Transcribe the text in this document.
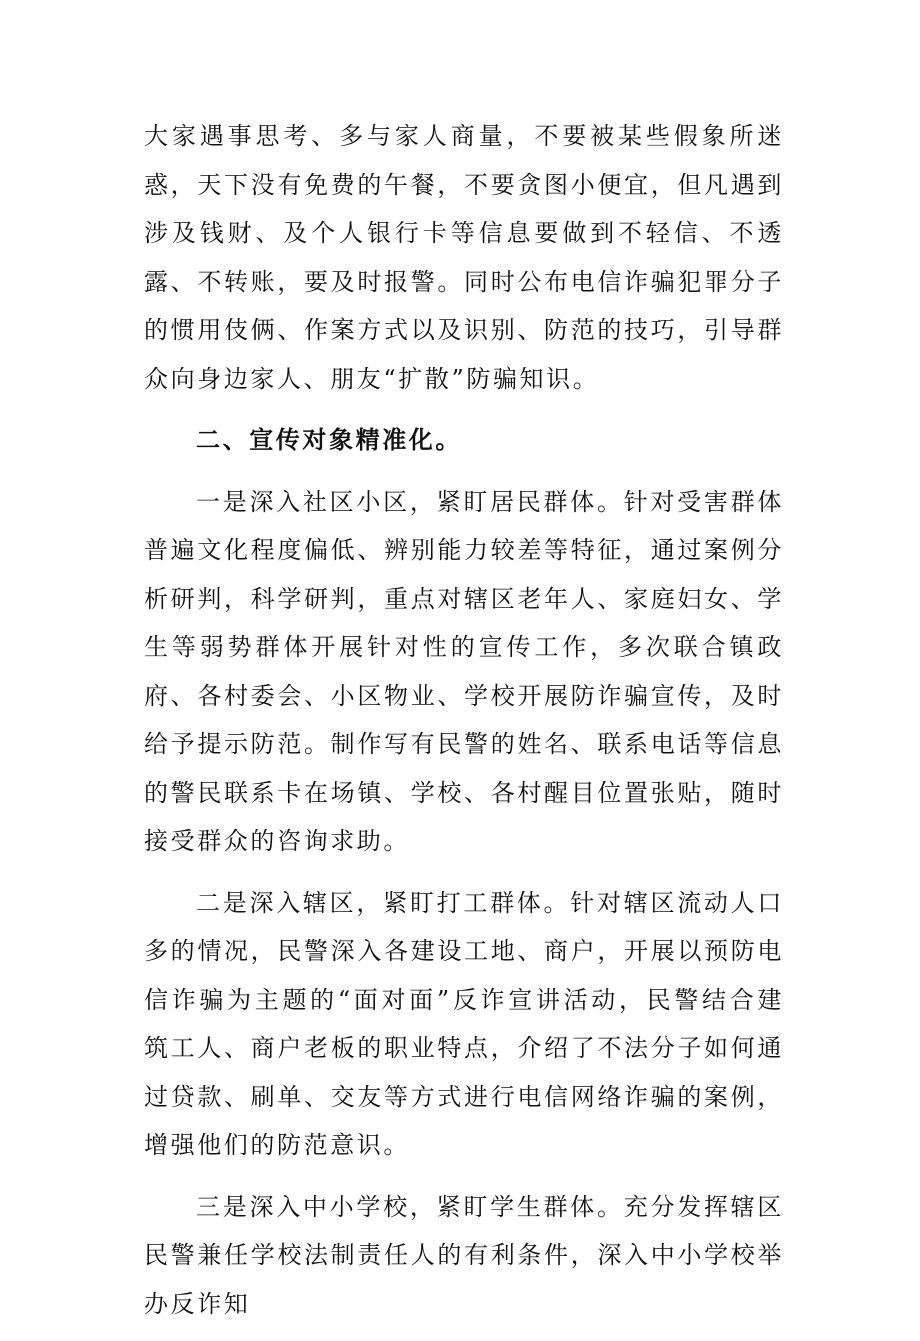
大家遇事思考、多与家人商量，不要被某些假象所迷惑，天下没有免费的午餐，不要贪图小便宜，但凡遇到涉及钱财、及个人银行卡等信息要做到不轻信、不透露、不转账，要及时报警。同时公布电信诈骗犯罪分子的惯用伎俩、作案方式以及识别、防范的技巧，引导群众向身边家人、朋友“扩散”防骗知识。

二、宣传对象精准化。

一是深入社区小区，紧盯居民群体。针对受害群体普遍文化程度偏低、辨别能力较差等特征，通过案例分析研判，科学研判，重点对辖区老年人、家庭妇女、学生等弱势群体开展针对性的宣传工作，多次联合镇政府、各村委会、小区物业、学校开展防诈骗宣传，及时给予提示防范。制作写有民警的姓名、联系电话等信息的警民联系卡在场镇、学校、各村醒目位置张贴，随时接受群众的咨询求助。

二是深入辖区，紧盯打工群体。针对辖区流动人口多的情况，民警深入各建设工地、商户，开展以预防电信诈骗为主题的“面对面”反诈宣讲活动，民警结合建筑工人、商户老板的职业特点，介绍了不法分子如何通过贷款、刷单、交友等方式进行电信网络诈骗的案例，增强他们的防范意识。

三是深入中小学校，紧盯学生群体。充分发挥辖区民警兼任学校法制责任人的有利条件，深入中小学校举办反诈知
